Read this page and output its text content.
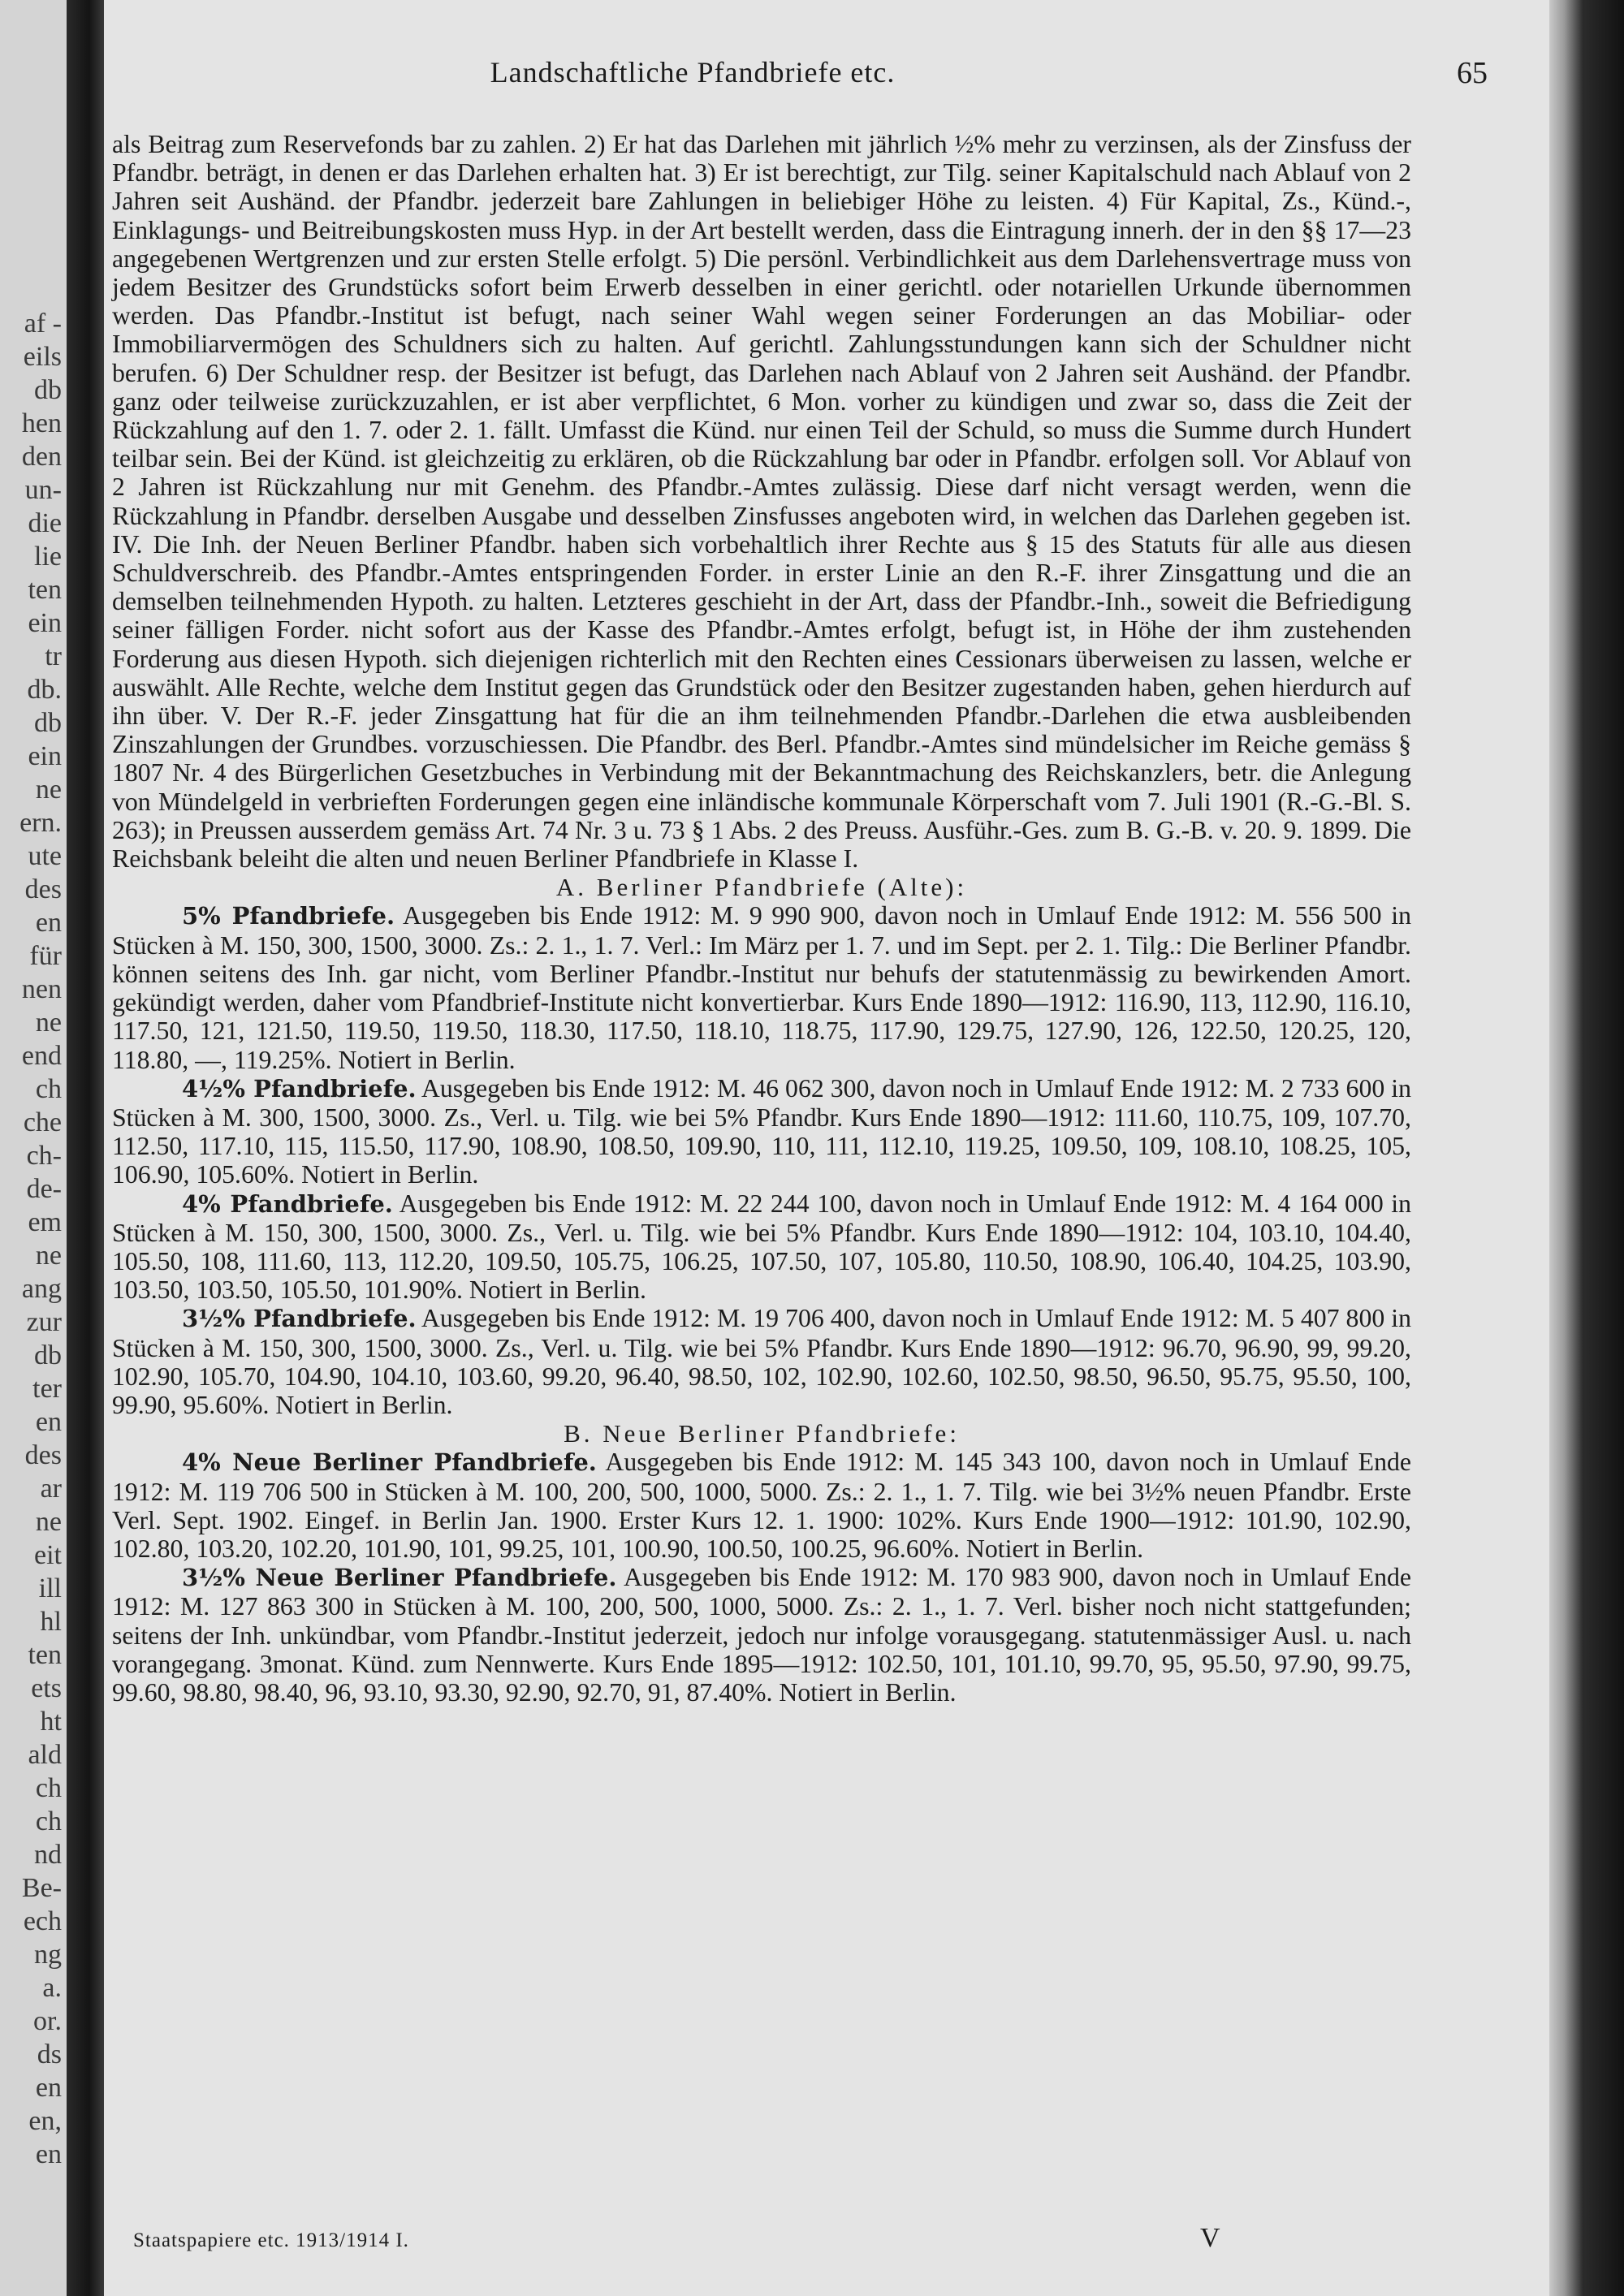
af -
eils
db
hen
den
un-
die
lie
ten
ein
tr
db.
db
ein
ne
ern.
ute
des
en
für
nen
ne
end
ch
che
ch-
de-
em
ne
ang
zur
db
ter
en
des
ar
ne
eit
ill
hl
ten
ets
ht
ald
ch
ch
nd
Be-
ech
ng
a.
or.
ds
en
en,
en
Landschaftliche Pfandbriefe etc.	65

als Beitrag zum Reservefonds bar zu zahlen. 2) Er hat das Darlehen mit jährlich ½% mehr zu verzinsen, als der Zinsfuss der Pfandbr. beträgt, in denen er das Darlehen erhalten hat. 3) Er ist berechtigt, zur Tilg. seiner Kapitalschuld nach Ablauf von 2 Jahren seit Aushänd. der Pfandbr. jederzeit bare Zahlungen in beliebiger Höhe zu leisten. 4) Für Kapital, Zs., Künd.-, Einklagungs- und Beitreibungskosten muss Hyp. in der Art bestellt werden, dass die Eintragung innerh. der in den §§ 17—23 angegebenen Wertgrenzen und zur ersten Stelle erfolgt. 5) Die persönl. Verbindlichkeit aus dem Darlehensvertrage muss von jedem Besitzer des Grundstücks sofort beim Erwerb desselben in einer gerichtl. oder notariellen Urkunde übernommen werden. Das Pfandbr.-Institut ist befugt, nach seiner Wahl wegen seiner Forderungen an das Mobiliar- oder Immobiliarvermögen des Schuldners sich zu halten. Auf gerichtl. Zahlungsstundungen kann sich der Schuldner nicht berufen. 6) Der Schuldner resp. der Besitzer ist befugt, das Darlehen nach Ablauf von 2 Jahren seit Aushänd. der Pfandbr. ganz oder teilweise zurückzuzahlen, er ist aber verpflichtet, 6 Mon. vorher zu kündigen und zwar so, dass die Zeit der Rückzahlung auf den 1. 7. oder 2. 1. fällt. Umfasst die Künd. nur einen Teil der Schuld, so muss die Summe durch Hundert teilbar sein. Bei der Künd. ist gleichzeitig zu erklären, ob die Rückzahlung bar oder in Pfandbr. erfolgen soll. Vor Ablauf von 2 Jahren ist Rückzahlung nur mit Genehm. des Pfandbr.-Amtes zulässig. Diese darf nicht versagt werden, wenn die Rückzahlung in Pfandbr. derselben Ausgabe und desselben Zinsfusses angeboten wird, in welchen das Darlehen gegeben ist. IV. Die Inh. der Neuen Berliner Pfandbr. haben sich vorbehaltlich ihrer Rechte aus § 15 des Statuts für alle aus diesen Schuldverschreib. des Pfandbr.-Amtes entspringenden Forder. in erster Linie an den R.-F. ihrer Zinsgattung und die an demselben teilnehmenden Hypoth. zu halten. Letzteres geschieht in der Art, dass der Pfandbr.-Inh., soweit die Befriedigung seiner fälligen Forder. nicht sofort aus der Kasse des Pfandbr.-Amtes erfolgt, befugt ist, in Höhe der ihm zustehenden Forderung aus diesen Hypoth. sich diejenigen richterlich mit den Rechten eines Cessionars überweisen zu lassen, welche er auswählt. Alle Rechte, welche dem Institut gegen das Grundstück oder den Besitzer zugestanden haben, gehen hierdurch auf ihn über. V. Der R.-F. jeder Zinsgattung hat für die an ihm teilnehmenden Pfandbr.-Darlehen die etwa ausbleibenden Zinszahlungen der Grundbes. vorzuschiessen. Die Pfandbr. des Berl. Pfandbr.-Amtes sind mündelsicher im Reiche gemäss § 1807 Nr. 4 des Bürgerlichen Gesetzbuches in Verbindung mit der Bekanntmachung des Reichskanzlers, betr. die Anlegung von Mündelgeld in verbrieften Forderungen gegen eine inländische kommunale Körperschaft vom 7. Juli 1901 (R.-G.-Bl. S. 263); in Preussen ausserdem gemäss Art. 74 Nr. 3 u. 73 § 1 Abs. 2 des Preuss. Ausführ.-Ges. zum B. G.-B. v. 20. 9. 1899. Die Reichsbank beleiht die alten und neuen Berliner Pfandbriefe in Klasse I.

A. Berliner Pfandbriefe (Alte):

5% Pfandbriefe. Ausgegeben bis Ende 1912: M. 9 990 900, davon noch in Umlauf Ende 1912: M. 556 500 in Stücken à M. 150, 300, 1500, 3000. Zs.: 2. 1., 1. 7. Verl.: Im März per 1. 7. und im Sept. per 2. 1. Tilg.: Die Berliner Pfandbr. können seitens des Inh. gar nicht, vom Berliner Pfandbr.-Institut nur behufs der statutenmässig zu bewirkenden Amort. gekündigt werden, daher vom Pfandbrief-Institute nicht konvertierbar. Kurs Ende 1890—1912: 116.90, 113, 112.90, 116.10, 117.50, 121, 121.50, 119.50, 119.50, 118.30, 117.50, 118.10, 118.75, 117.90, 129.75, 127.90, 126, 122.50, 120.25, 120, 118.80, —, 119.25%. Notiert in Berlin.

4½% Pfandbriefe. Ausgegeben bis Ende 1912: M. 46 062 300, davon noch in Umlauf Ende 1912: M. 2 733 600 in Stücken à M. 300, 1500, 3000. Zs., Verl. u. Tilg. wie bei 5% Pfandbr. Kurs Ende 1890—1912: 111.60, 110.75, 109, 107.70, 112.50, 117.10, 115, 115.50, 117.90, 108.90, 108.50, 109.90, 110, 111, 112.10, 119.25, 109.50, 109, 108.10, 108.25, 105, 106.90, 105.60%. Notiert in Berlin.

4% Pfandbriefe. Ausgegeben bis Ende 1912: M. 22 244 100, davon noch in Umlauf Ende 1912: M. 4 164 000 in Stücken à M. 150, 300, 1500, 3000. Zs., Verl. u. Tilg. wie bei 5% Pfandbr. Kurs Ende 1890—1912: 104, 103.10, 104.40, 105.50, 108, 111.60, 113, 112.20, 109.50, 105.75, 106.25, 107.50, 107, 105.80, 110.50, 108.90, 106.40, 104.25, 103.90, 103.50, 103.50, 105.50, 101.90%. Notiert in Berlin.

3½% Pfandbriefe. Ausgegeben bis Ende 1912: M. 19 706 400, davon noch in Umlauf Ende 1912: M. 5 407 800 in Stücken à M. 150, 300, 1500, 3000. Zs., Verl. u. Tilg. wie bei 5% Pfandbr. Kurs Ende 1890—1912: 96.70, 96.90, 99, 99.20, 102.90, 105.70, 104.90, 104.10, 103.60, 99.20, 96.40, 98.50, 102, 102.90, 102.60, 102.50, 98.50, 96.50, 95.75, 95.50, 100, 99.90, 95.60%. Notiert in Berlin.

B. Neue Berliner Pfandbriefe:

4% Neue Berliner Pfandbriefe. Ausgegeben bis Ende 1912: M. 145 343 100, davon noch in Umlauf Ende 1912: M. 119 706 500 in Stücken à M. 100, 200, 500, 1000, 5000. Zs.: 2. 1., 1. 7. Tilg. wie bei 3½% neuen Pfandbr. Erste Verl. Sept. 1902. Eingef. in Berlin Jan. 1900. Erster Kurs 12. 1. 1900: 102%. Kurs Ende 1900—1912: 101.90, 102.90, 102.80, 103.20, 102.20, 101.90, 101, 99.25, 101, 100.90, 100.50, 100.25, 96.60%. Notiert in Berlin.

3½% Neue Berliner Pfandbriefe. Ausgegeben bis Ende 1912: M. 170 983 900, davon noch in Umlauf Ende 1912: M. 127 863 300 in Stücken à M. 100, 200, 500, 1000, 5000. Zs.: 2. 1., 1. 7. Verl. bisher noch nicht stattgefunden; seitens der Inh. unkündbar, vom Pfandbr.-Institut jederzeit, jedoch nur infolge vorausgegang. statutenmässiger Ausl. u. nach vorangegang. 3monat. Künd. zum Nennwerte. Kurs Ende 1895—1912: 102.50, 101, 101.10, 99.70, 95, 95.50, 97.90, 99.75, 99.60, 98.80, 98.40, 96, 93.10, 93.30, 92.90, 92.70, 91, 87.40%. Notiert in Berlin.

Staatspapiere etc. 1913/1914 I.	V
